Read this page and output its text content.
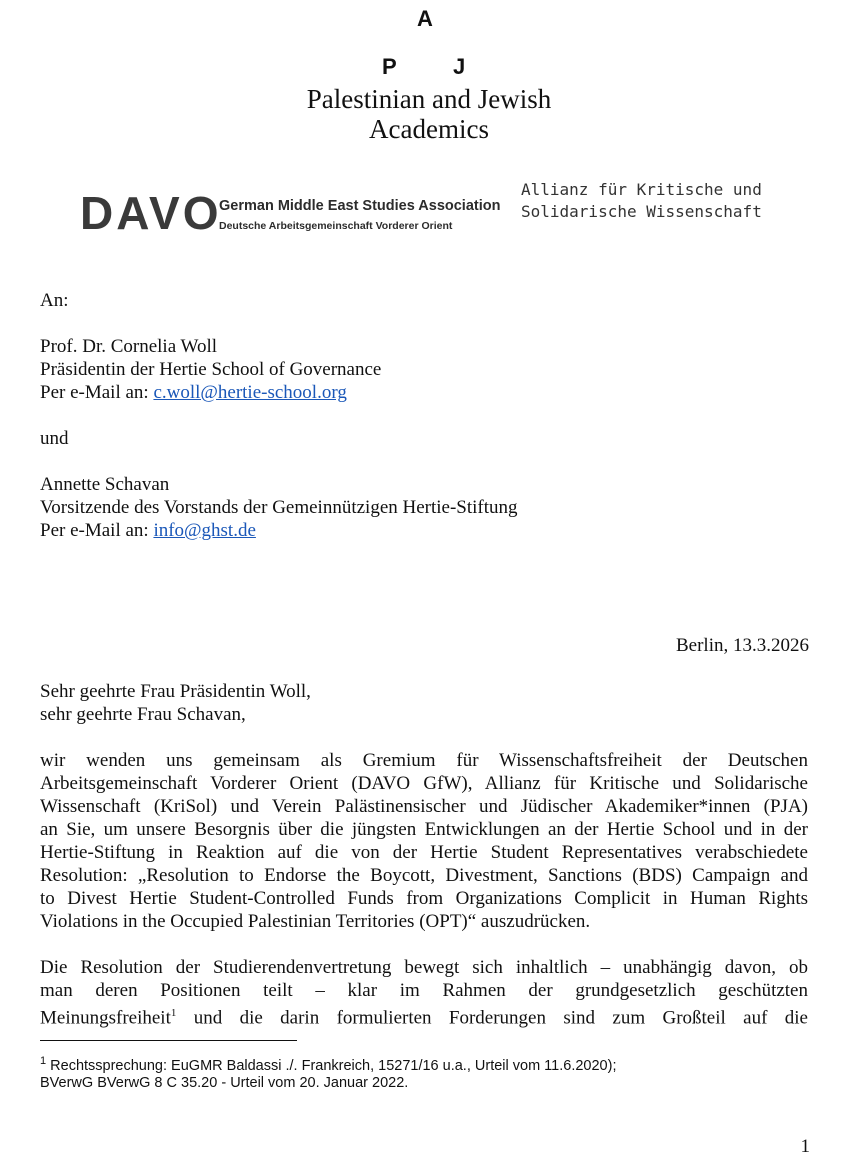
A
P	J
Palestinian and Jewish
Academics
DAVO
German Middle East Studies Association
Deutsche Arbeitsgemeinschaft Vorderer Orient
Allianz für Kritische und
Solidarische Wissenschaft
An:
Prof. Dr. Cornelia Woll
Präsidentin der Hertie School of Governance
Per e-Mail an: c.woll@hertie-school.org
und
Annette Schavan
Vorsitzende des Vorstands der Gemeinnützigen Hertie-Stiftung
Per e-Mail an: info@ghst.de
Berlin, 13.3.2026
Sehr geehrte Frau Präsidentin Woll,
sehr geehrte Frau Schavan,
wir wenden uns gemeinsam als Gremium für Wissenschaftsfreiheit der Deutschen
Arbeitsgemeinschaft Vorderer Orient (DAVO GfW), Allianz für Kritische und Solidarische
Wissenschaft (KriSol) und Verein Palästinensischer und Jüdischer Akademiker*innen (PJA)
an Sie, um unsere Besorgnis über die jüngsten Entwicklungen an der Hertie School und in der
Hertie-Stiftung in Reaktion auf die von der Hertie Student Representatives verabschiedete
Resolution: „Resolution to Endorse the Boycott, Divestment, Sanctions (BDS) Campaign and
to Divest Hertie Student-Controlled Funds from Organizations Complicit in Human Rights
Violations in the Occupied Palestinian Territories (OPT)“ auszudrücken.
Die Resolution der Studierendenvertretung bewegt sich inhaltlich – unabhängig davon, ob
man deren Positionen teilt – klar im Rahmen der grundgesetzlich geschützten
Meinungsfreiheit$^1$ und die darin formulierten Forderungen sind zum Großteil auf die
$^1$ Rechtssprechung: EuGMR Baldassi ./. Frankreich, 15271/16 u.a., Urteil vom 11.6.2020);
BVerwG BVerwG 8 C 35.20 - Urteil vom 20. Januar 2022.
1
